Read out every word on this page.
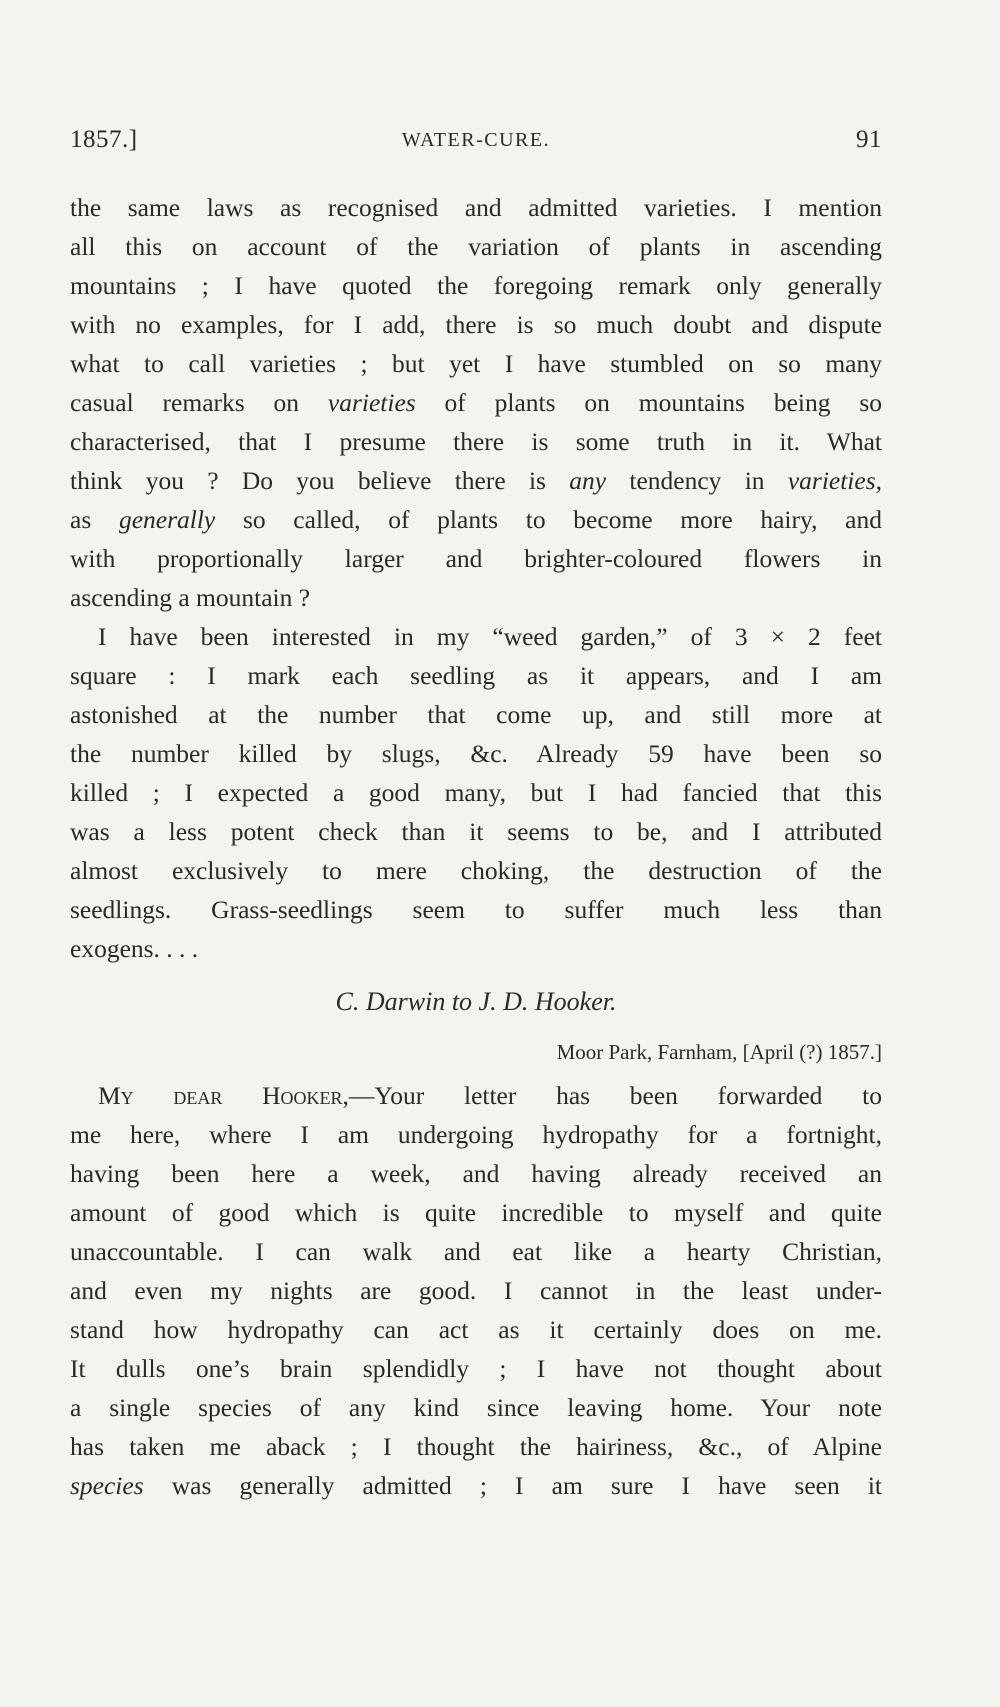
1857.]	WATER-CURE.	91
the same laws as recognised and admitted varieties. I mention
all this on account of the variation of plants in ascending
mountains ; I have quoted the foregoing remark only generally
with no examples, for I add, there is so much doubt and dispute
what to call varieties ; but yet I have stumbled on so many
casual remarks on varieties of plants on mountains being so
characterised, that I presume there is some truth in it. What
think you ? Do you believe there is any tendency in varieties,
as generally so called, of plants to become more hairy, and
with proportionally larger and brighter-coloured flowers in
ascending a mountain ?
I have been interested in my “weed garden,” of 3 × 2 feet
square : I mark each seedling as it appears, and I am
astonished at the number that come up, and still more at
the number killed by slugs, &c. Already 59 have been so
killed ; I expected a good many, but I had fancied that this
was a less potent check than it seems to be, and I attributed
almost exclusively to mere choking, the destruction of the
seedlings. Grass-seedlings seem to suffer much less than
exogens. . . .
C. Darwin to J. D. Hooker.
Moor Park, Farnham, [April (?) 1857.]
My dear Hooker,—Your letter has been forwarded to
me here, where I am undergoing hydropathy for a fortnight,
having been here a week, and having already received an
amount of good which is quite incredible to myself and quite
unaccountable. I can walk and eat like a hearty Christian,
and even my nights are good. I cannot in the least under-
stand how hydropathy can act as it certainly does on me.
It dulls one’s brain splendidly ; I have not thought about
a single species of any kind since leaving home. Your note
has taken me aback ; I thought the hairiness, &c., of Alpine
species was generally admitted ; I am sure I have seen it
